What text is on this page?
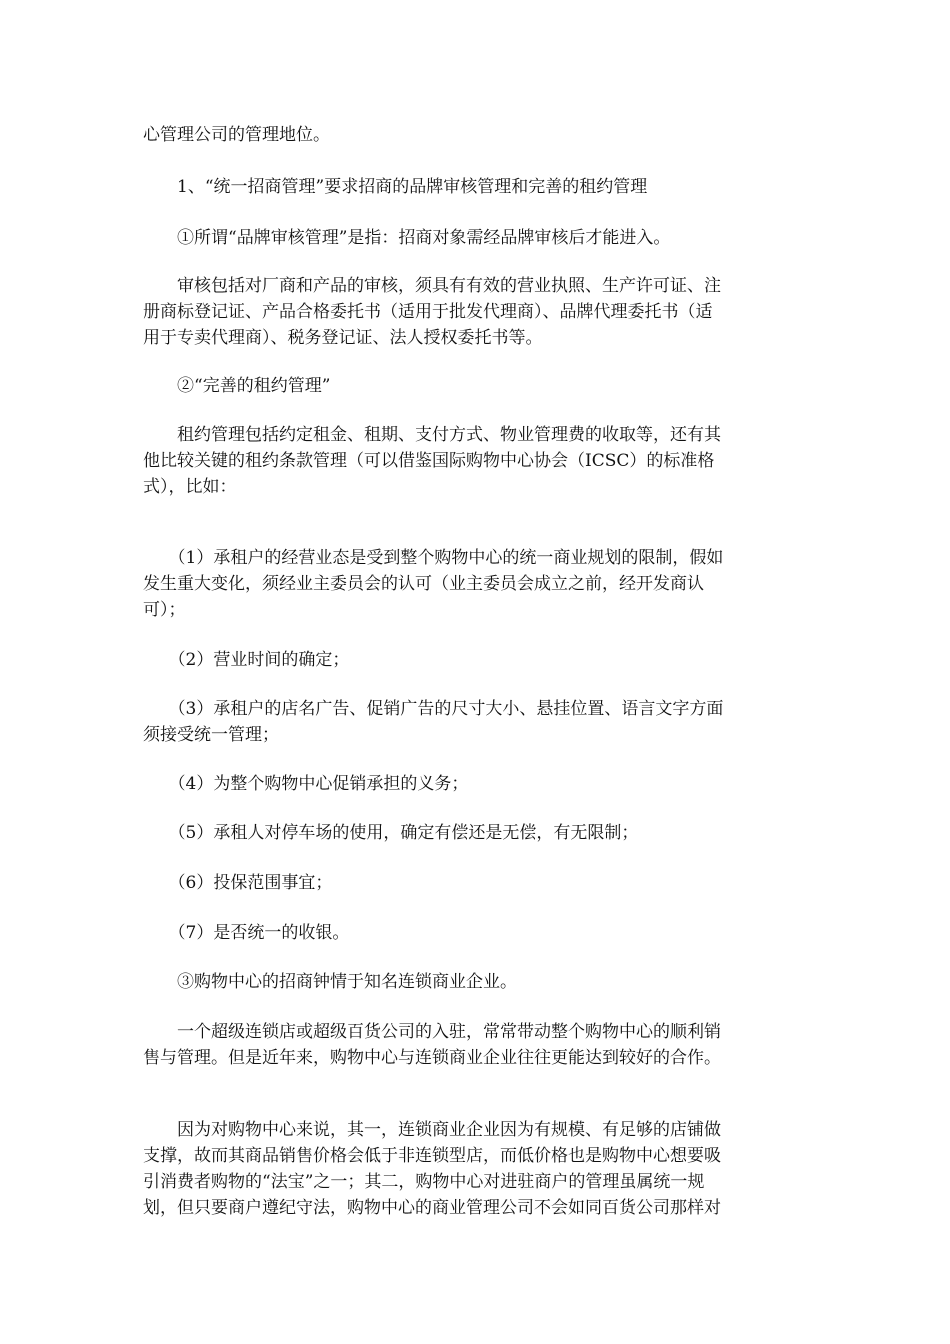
心管理公司的管理地位。
　　1、“统一招商管理”要求招商的品牌审核管理和完善的租约管理
　　①所谓“品牌审核管理”是指：招商对象需经品牌审核后才能进入。
　　审核包括对厂商和产品的审核，须具有有效的营业执照、生产许可证、注
册商标登记证、产品合格委托书（适用于批发代理商）、品牌代理委托书（适
用于专卖代理商）、税务登记证、法人授权委托书等。
　　②“完善的租约管理”
　　租约管理包括约定租金、租期、支付方式、物业管理费的收取等，还有其
他比较关键的租约条款管理（可以借鉴国际购物中心协会（ICSC）的标准格
式），比如：
　　（1）承租户的经营业态是受到整个购物中心的统一商业规划的限制，假如
发生重大变化，须经业主委员会的认可（业主委员会成立之前，经开发商认
可）；
　　（2）营业时间的确定；
　　（3）承租户的店名广告、促销广告的尺寸大小、悬挂位置、语言文字方面
须接受统一管理；
　　（4）为整个购物中心促销承担的义务；
　　（5）承租人对停车场的使用，确定有偿还是无偿，有无限制；
　　（6）投保范围事宜；
　　（7）是否统一的收银。
　　③购物中心的招商钟情于知名连锁商业企业。
　　一个超级连锁店或超级百货公司的入驻，常常带动整个购物中心的顺利销
售与管理。但是近年来，购物中心与连锁商业企业往往更能达到较好的合作。
　　因为对购物中心来说，其一，连锁商业企业因为有规模、有足够的店铺做
支撑，故而其商品销售价格会低于非连锁型店，而低价格也是购物中心想要吸
引消费者购物的“法宝”之一；其二，购物中心对进驻商户的管理虽属统一规
划，但只要商户遵纪守法，购物中心的商业管理公司不会如同百货公司那样对
